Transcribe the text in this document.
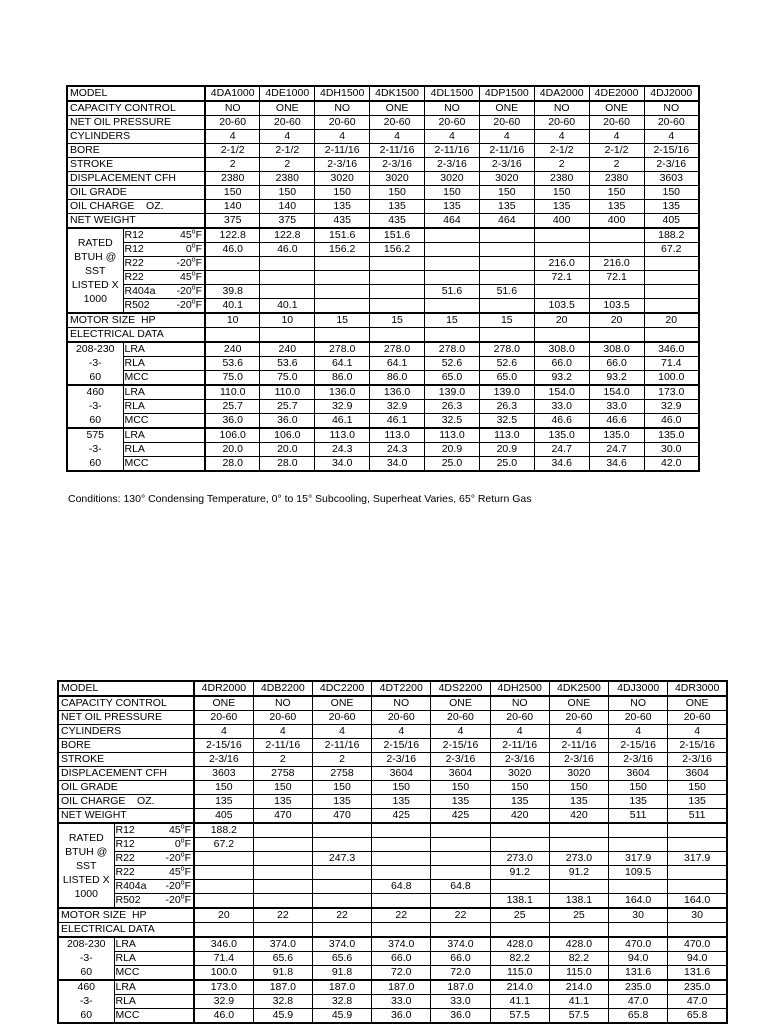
MODEL		4DA1000	4DE1000	4DH1500	4DK1500	4DL1500	4DP1500	4DA2000	4DE2000	4DJ2000
CAPACITY CONTROL		NO	ONE	NO	ONE	NO	ONE	NO	ONE	NO
NET OIL PRESSURE		20-60	20-60	20-60	20-60	20-60	20-60	20-60	20-60	20-60
CYLINDERS		4	4	4	4	4	4	4	4	4
BORE		2-1/2	2-1/2	2-11/16	2-11/16	2-11/16	2-11/16	2-1/2	2-1/2	2-15/16
STROKE		2	2	2-3/16	2-3/16	2-3/16	2-3/16	2	2	2-3/16
DISPLACEMENT CFH		2380	2380	3020	3020	3020	3020	2380	2380	3603
OIL GRADE		150	150	150	150	150	150	150	150	150
OIL CHARGE    OZ.		140	140	135	135	135	135	135	135	135
NET WEIGHT		375	375	435	435	464	464	400	400	405
RATED BTUH @ SST LISTED X 1000	R12 45$^o$F	122.8	122.8	151.6	151.6					188.2
	R12 0$^o$F	46.0	46.0	156.2	156.2					67.2
	R22 -20$^o$F							216.0	216.0	
	R22 45$^o$F							72.1	72.1	
	R404a -20$^o$F	39.8				51.6	51.6			
	R502 -20$^o$F	40.1	40.1					103.5	103.5	
MOTOR SIZE  HP		10	10	15	15	15	15	20	20	20
ELECTRICAL DATA										
208-230	LRA	240	240	278.0	278.0	278.0	278.0	308.0	308.0	346.0
-3-	RLA	53.6	53.6	64.1	64.1	52.6	52.6	66.0	66.0	71.4
60	MCC	75.0	75.0	86.0	86.0	65.0	65.0	93.2	93.2	100.0
460	LRA	110.0	110.0	136.0	136.0	139.0	139.0	154.0	154.0	173.0
-3-	RLA	25.7	25.7	32.9	32.9	26.3	26.3	33.0	33.0	32.9
60	MCC	36.0	36.0	46.1	46.1	32.5	32.5	46.6	46.6	46.0
575	LRA	106.0	106.0	113.0	113.0	113.0	113.0	135.0	135.0	135.0
-3-	RLA	20.0	20.0	24.3	24.3	20.9	20.9	24.7	24.7	30.0
60	MCC	28.0	28.0	34.0	34.0	25.0	25.0	34.6	34.6	42.0
Conditions: 130° Condensing Temperature, 0° to 15° Subcooling, Superheat Varies, 65° Return Gas
MODEL		4DR2000	4DB2200	4DC2200	4DT2200	4DS2200	4DH2500	4DK2500	4DJ3000	4DR3000
CAPACITY CONTROL		ONE	NO	ONE	NO	ONE	NO	ONE	NO	ONE
NET OIL PRESSURE		20-60	20-60	20-60	20-60	20-60	20-60	20-60	20-60	20-60
CYLINDERS		4	4	4	4	4	4	4	4	4
BORE		2-15/16	2-11/16	2-11/16	2-15/16	2-15/16	2-11/16	2-11/16	2-15/16	2-15/16
STROKE		2-3/16	2	2	2-3/16	2-3/16	2-3/16	2-3/16	2-3/16	2-3/16
DISPLACEMENT CFH		3603	2758	2758	3604	3604	3020	3020	3604	3604
OIL GRADE		150	150	150	150	150	150	150	150	150
OIL CHARGE    OZ.		135	135	135	135	135	135	135	135	135
NET WEIGHT		405	470	470	425	425	420	420	511	511
RATED BTUH @ SST LISTED X 1000	R12 45$^o$F	188.2								
	R12 0$^o$F	67.2								
	R22 -20$^o$F			247.3			273.0	273.0	317.9	317.9
	R22 45$^o$F						91.2	91.2	109.5	
	R404a -20$^o$F				64.8	64.8				
	R502 -20$^o$F						138.1	138.1	164.0	164.0
MOTOR SIZE  HP		20	22	22	22	22	25	25	30	30
ELECTRICAL DATA										
208-230	LRA	346.0	374.0	374.0	374.0	374.0	428.0	428.0	470.0	470.0
-3-	RLA	71.4	65.6	65.6	66.0	66.0	82.2	82.2	94.0	94.0
60	MCC	100.0	91.8	91.8	72.0	72.0	115.0	115.0	131.6	131.6
460	LRA	173.0	187.0	187.0	187.0	187.0	214.0	214.0	235.0	235.0
-3-	RLA	32.9	32.8	32.8	33.0	33.0	41.1	41.1	47.0	47.0
60	MCC	46.0	45.9	45.9	36.0	36.0	57.5	57.5	65.8	65.8
